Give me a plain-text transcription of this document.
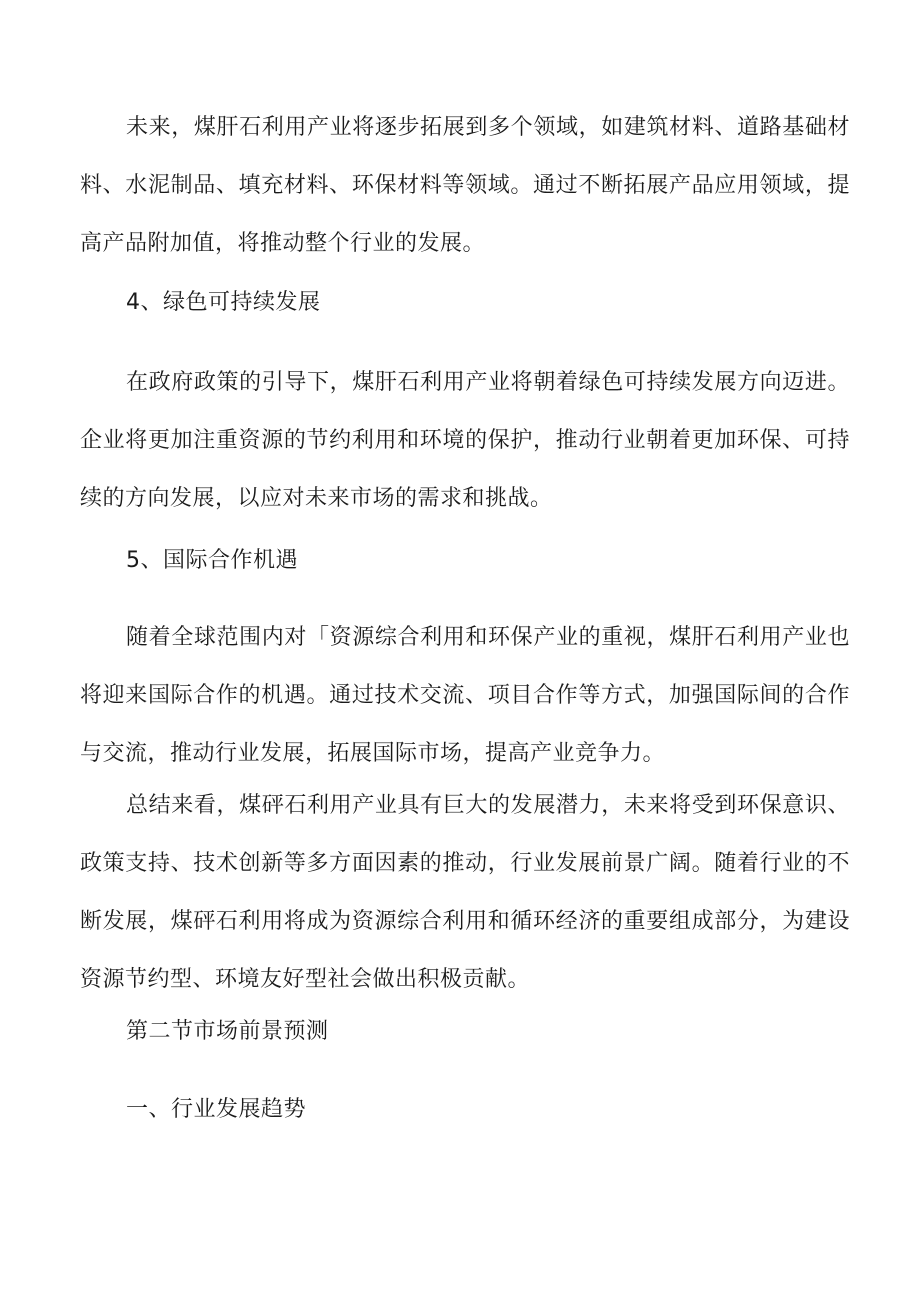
未来，煤肝石利用产业将逐步拓展到多个领域，如建筑材料、道路基础材料、水泥制品、填充材料、环保材料等领域。通过不断拓展产品应用领域，提高产品附加值，将推动整个行业的发展。

4、绿色可持续发展

在政府政策的引导下，煤肝石利用产业将朝着绿色可持续发展方向迈进。企业将更加注重资源的节约利用和环境的保护，推动行业朝着更加环保、可持续的方向发展，以应对未来市场的需求和挑战。

5、国际合作机遇

随着全球范围内对「资源综合利用和环保产业的重视，煤肝石利用产业也将迎来国际合作的机遇。通过技术交流、项目合作等方式，加强国际间的合作与交流，推动行业发展，拓展国际市场，提高产业竞争力。

总结来看，煤砰石利用产业具有巨大的发展潜力，未来将受到环保意识、政策支持、技术创新等多方面因素的推动，行业发展前景广阔。随着行业的不断发展，煤砰石利用将成为资源综合利用和循环经济的重要组成部分，为建设资源节约型、环境友好型社会做出积极贡献。

第二节市场前景预测
一、行业发展趋势
